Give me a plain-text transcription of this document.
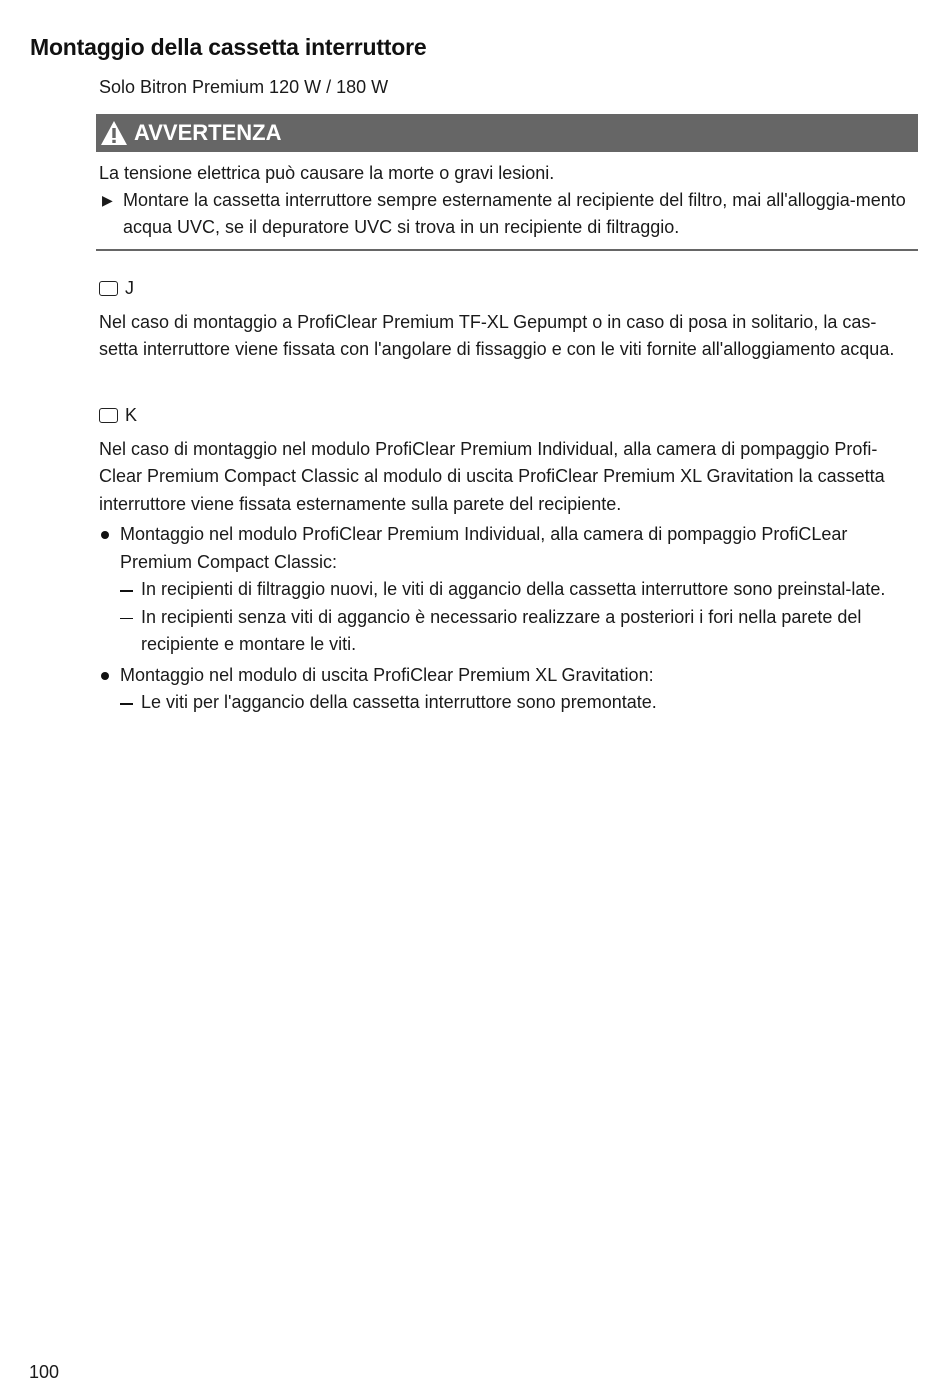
Montaggio della cassetta interruttore
Solo Bitron Premium 120 W / 180 W
AVVERTENZA
La tensione elettrica può causare la morte o gravi lesioni.
▶ Montare la cassetta interruttore sempre esternamente al recipiente del filtro, mai all'alloggia-mento acqua UVC, se il depuratore UVC si trova in un recipiente di filtraggio.
J
Nel caso di montaggio a ProfiClear Premium TF-XL Gepumpt o in caso di posa in solitario, la cas-setta interruttore viene fissata con l'angolare di fissaggio e con le viti fornite all'alloggiamento acqua.
K
Nel caso di montaggio nel modulo ProfiClear Premium Individual, alla camera di pompaggio Profi-Clear Premium Compact Classic al modulo di uscita ProfiClear Premium XL Gravitation la cassetta interruttore viene fissata esternamente sulla parete del recipiente.
Montaggio nel modulo ProfiClear Premium Individual, alla camera di pompaggio ProfiCLear Premium Compact Classic:
In recipienti di filtraggio nuovi, le viti di aggancio della cassetta interruttore sono preinstal-late.
In recipienti senza viti di aggancio è necessario realizzare a posteriori i fori nella parete del recipiente e montare le viti.
Montaggio nel modulo di uscita ProfiClear Premium XL Gravitation:
Le viti per l'aggancio della cassetta interruttore sono premontate.
100
